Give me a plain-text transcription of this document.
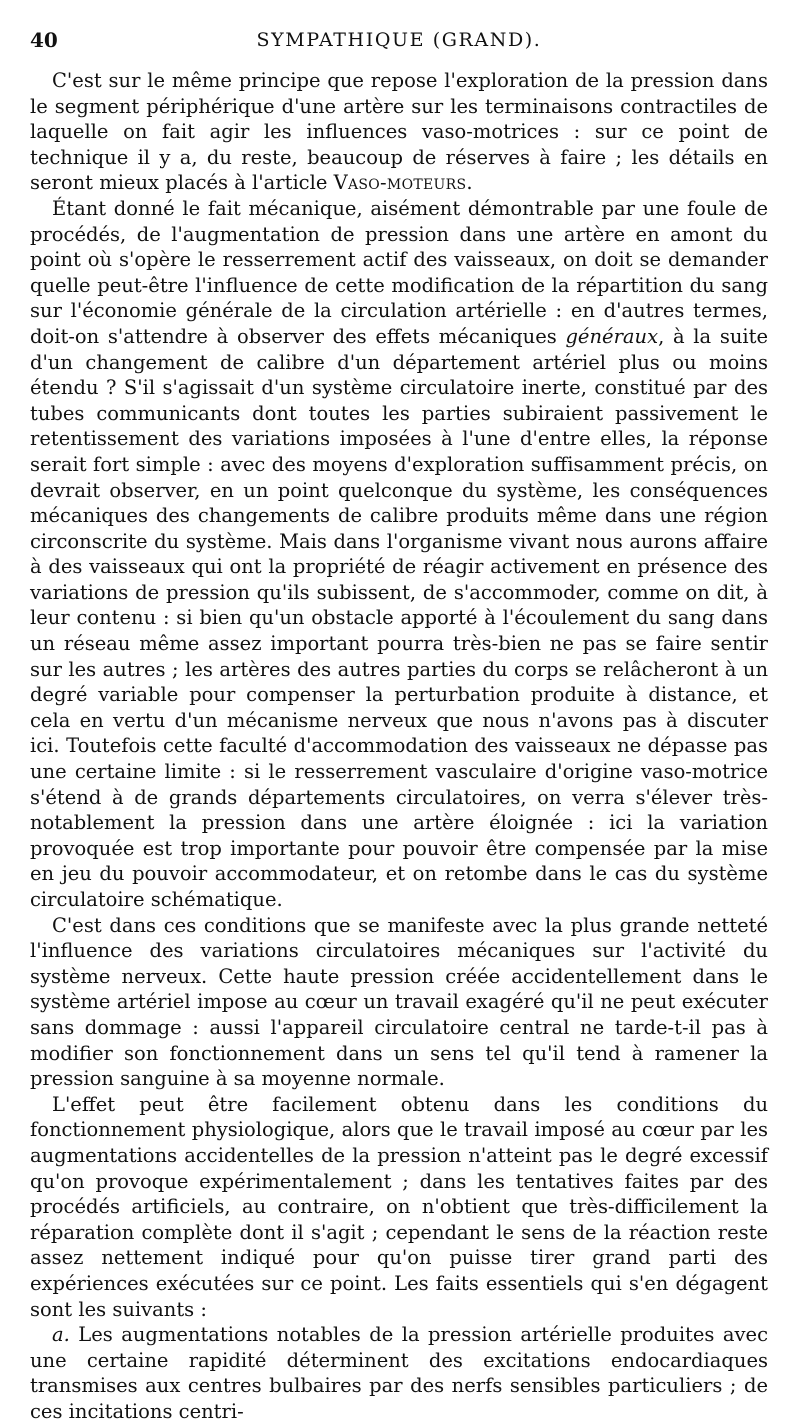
40	SYMPATHIQUE (GRAND).

C'est sur le même principe que repose l'exploration de la pression dans le segment périphérique d'une artère sur les terminaisons contractiles de laquelle on fait agir les influences vaso-motrices : sur ce point de technique il y a, du reste, beaucoup de réserves à faire ; les détails en seront mieux placés à l'article Vaso-moteurs.

Étant donné le fait mécanique, aisément démontrable par une foule de procédés, de l'augmentation de pression dans une artère en amont du point où s'opère le resserrement actif des vaisseaux, on doit se demander quelle peut-être l'influence de cette modification de la répartition du sang sur l'économie générale de la circulation artérielle : en d'autres termes, doit-on s'attendre à observer des effets mécaniques généraux, à la suite d'un changement de calibre d'un département artériel plus ou moins étendu ? S'il s'agissait d'un système circulatoire inerte, constitué par des tubes communicants dont toutes les parties subiraient passivement le retentissement des variations imposées à l'une d'entre elles, la réponse serait fort simple : avec des moyens d'exploration suffisamment précis, on devrait observer, en un point quelconque du système, les conséquences mécaniques des changements de calibre produits même dans une région circonscrite du système. Mais dans l'organisme vivant nous aurons affaire à des vaisseaux qui ont la propriété de réagir activement en présence des variations de pression qu'ils subissent, de s'accommoder, comme on dit, à leur contenu : si bien qu'un obstacle apporté à l'écoulement du sang dans un réseau même assez important pourra très-bien ne pas se faire sentir sur les autres ; les artères des autres parties du corps se relâcheront à un degré variable pour compenser la perturbation produite à distance, et cela en vertu d'un mécanisme nerveux que nous n'avons pas à discuter ici. Toutefois cette faculté d'accommodation des vaisseaux ne dépasse pas une certaine limite : si le resserrement vasculaire d'origine vaso-motrice s'étend à de grands départements circulatoires, on verra s'élever très-notablement la pression dans une artère éloignée : ici la variation provoquée est trop importante pour pouvoir être compensée par la mise en jeu du pouvoir accommodateur, et on retombe dans le cas du système circulatoire schématique.

C'est dans ces conditions que se manifeste avec la plus grande netteté l'influence des variations circulatoires mécaniques sur l'activité du système nerveux. Cette haute pression créée accidentellement dans le système artériel impose au cœur un travail exagéré qu'il ne peut exécuter sans dommage : aussi l'appareil circulatoire central ne tarde-t-il pas à modifier son fonctionnement dans un sens tel qu'il tend à ramener la pression sanguine à sa moyenne normale.

L'effet peut être facilement obtenu dans les conditions du fonctionnement physiologique, alors que le travail imposé au cœur par les augmentations accidentelles de la pression n'atteint pas le degré excessif qu'on provoque expérimentalement ; dans les tentatives faites par des procédés artificiels, au contraire, on n'obtient que très-difficilement la réparation complète dont il s'agit ; cependant le sens de la réaction reste assez nettement indiqué pour qu'on puisse tirer grand parti des expériences exécutées sur ce point. Les faits essentiels qui s'en dégagent sont les suivants :

a. Les augmentations notables de la pression artérielle produites avec une certaine rapidité déterminent des excitations endocardiaques transmises aux centres bulbaires par des nerfs sensibles particuliers ; de ces incitations centri-
